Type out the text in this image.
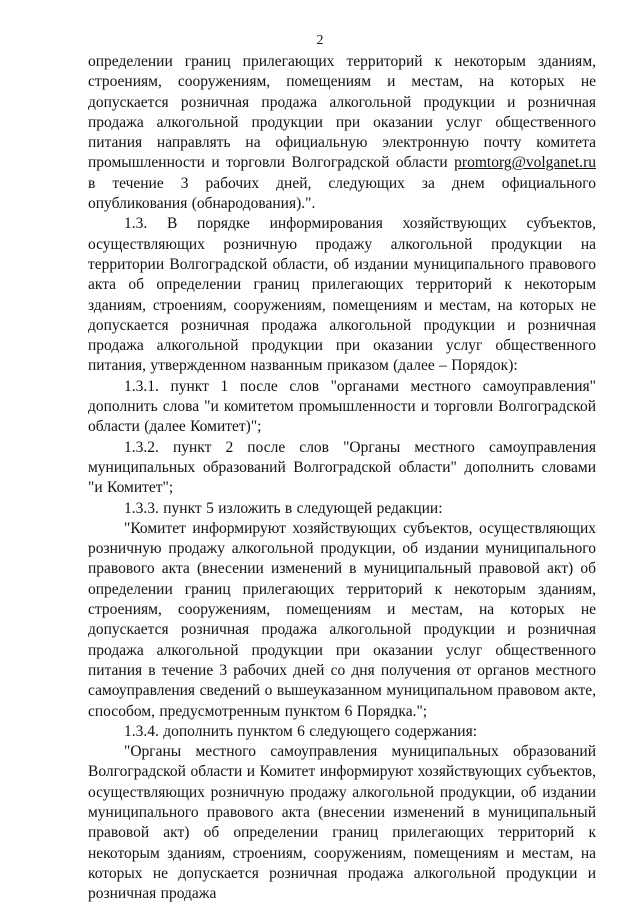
2

определении границ прилегающих территорий к некоторым зданиям, строениям, сооружениям, помещениям и местам, на которых не допускается розничная продажа алкогольной продукции и розничная продажа алкогольной продукции при оказании услуг общественного питания направлять на официальную электронную почту комитета промышленности и торговли Волгоградской области promtorg@volganet.ru в течение 3 рабочих дней, следующих за днем официального опубликования (обнародования).".

1.3. В порядке информирования хозяйствующих субъектов, осуществляющих розничную продажу алкогольной продукции на территории Волгоградской области, об издании муниципального правового акта об определении границ прилегающих территорий к некоторым зданиям, строениям, сооружениям, помещениям и местам, на которых не допускается розничная продажа алкогольной продукции и розничная продажа алкогольной продукции при оказании услуг общественного питания, утвержденном названным приказом (далее – Порядок):

1.3.1. пункт 1 после слов "органами местного самоуправления" дополнить слова "и комитетом промышленности и торговли Волгоградской области (далее Комитет)";

1.3.2. пункт 2 после слов "Органы местного самоуправления муниципальных образований Волгоградской области" дополнить словами "и Комитет";

1.3.3. пункт 5 изложить в следующей редакции:

"Комитет информируют хозяйствующих субъектов, осуществляющих розничную продажу алкогольной продукции, об издании муниципального правового акта (внесении изменений в муниципальный правовой акт) об определении границ прилегающих территорий к некоторым зданиям, строениям, сооружениям, помещениям и местам, на которых не допускается розничная продажа алкогольной продукции и розничная продажа алкогольной продукции при оказании услуг общественного питания в течение 3 рабочих дней со дня получения от органов местного самоуправления сведений о вышеуказанном муниципальном правовом акте, способом, предусмотренным пунктом 6 Порядка.";

1.3.4. дополнить пунктом 6 следующего содержания:

"Органы местного самоуправления муниципальных образований Волгоградской области и Комитет информируют хозяйствующих субъектов, осуществляющих розничную продажу алкогольной продукции, об издании муниципального правового акта (внесении изменений в муниципальный правовой акт) об определении границ прилегающих территорий к некоторым зданиям, строениям, сооружениям, помещениям и местам, на которых не допускается розничная продажа алкогольной продукции и розничная продажа
